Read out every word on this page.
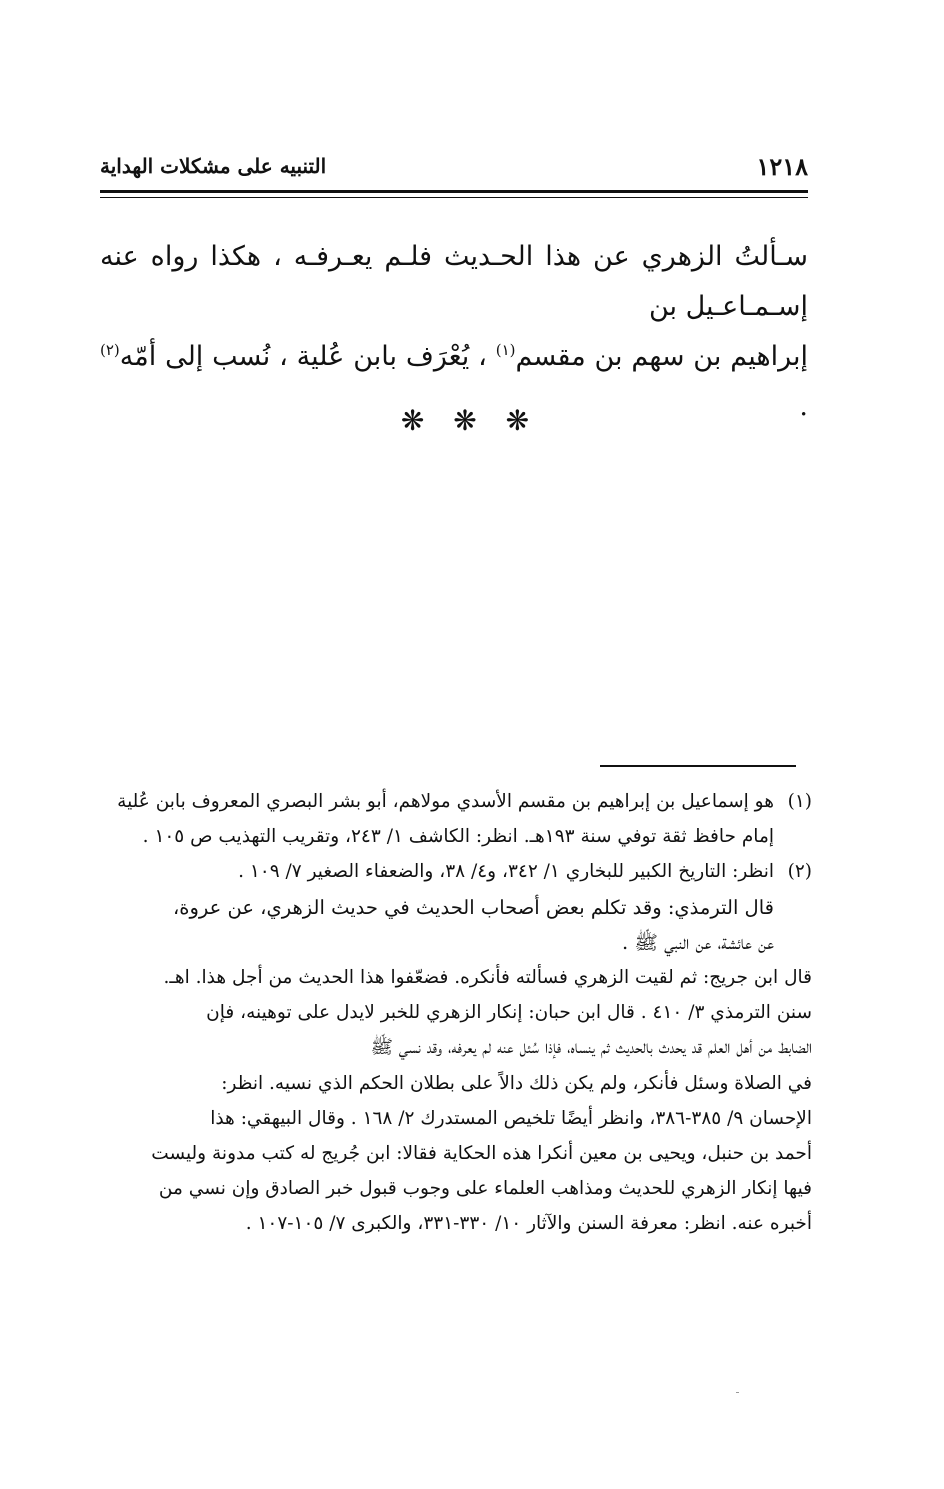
١٢١٨
التنبيه على مشكلات الهداية

سـألتُ الزهري عن هذا الحـديث فلـم يعـرفـه ، هكذا رواه عنه إسـمـاعـيل بن

إبراهيم بن سهم بن مقسم$^{(١)}$ ، يُعْرَف بابن عُلية ، نُسب إلى أمّه$^{(٢)}$ .

❋ ❋ ❋
(١)

هو إسماعيل بن إبراهيم بن مقسم الأسدي مولاهم، أبو بشر البصري المعروف بابن عُلية

إمام حافظ ثقة توفي سنة ١٩٣هـ. انظر: الكاشف ١/ ٢٤٣، وتقريب التهذيب ص ١٠٥ .

(٢)

انظر: التاريخ الكبير للبخاري ١/ ٣٤٢، و٤/ ٣٨، والضعفاء الصغير ٧/ ١٠٩ .

قال الترمذي: وقد تكلم بعض أصحاب الحديث في حديث الزهري، عن عروة،

عن عائشة، عن النبي ﷺ .

قال ابن جريج: ثم لقيت الزهري فسألته فأنكره. فضعّفوا هذا الحديث من أجل هذا. اهـ.

سنن الترمذي ٣/ ٤١٠ . قال ابن حبان: إنكار الزهري للخبر لايدل على توهينه، فإن

الضابط من أهل العلم قد يحدث بالحديث ثم ينساه، فإذا سُئل عنه لم يعرفه، وقد نسي ﷺ

في الصلاة وسئل فأنكر، ولم يكن ذلك دالاً على بطلان الحكم الذي نسيه. انظر:

الإحسان ٩/ ٣٨٥-٣٨٦، وانظر أيضًا تلخيص المستدرك ٢/ ١٦٨ . وقال البيهقي: هذا

أحمد بن حنبل، ويحيى بن معين أنكرا هذه الحكاية فقالا: ابن جُريج له كتب مدونة وليست

فيها إنكار الزهري للحديث ومذاهب العلماء على وجوب قبول خبر الصادق وإن نسي من

أخبره عنه. انظر: معرفة السنن والآثار ١٠/ ٣٣٠-٣٣١، والكبرى ٧/ ١٠٥-١٠٧ .
